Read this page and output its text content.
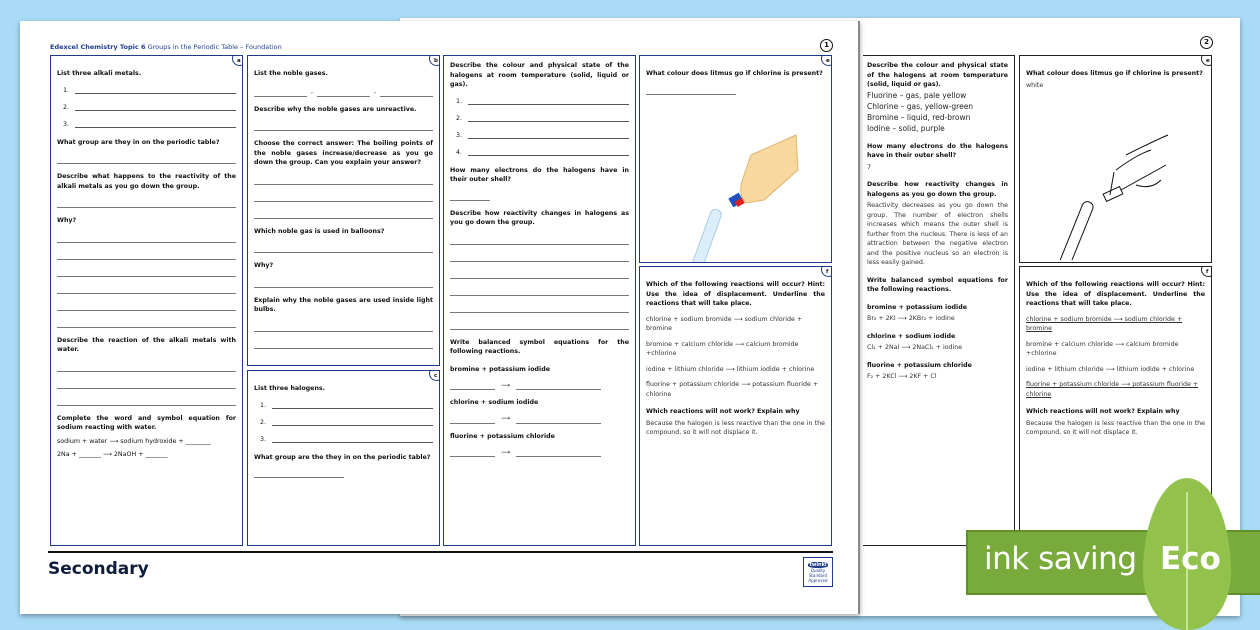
2
Describe the colour and physical state of the halogens at room temperature (solid, liquid or gas).
Fluorine – gas, pale yellow
Chlorine – gas, yellow-green
Bromine – liquid, red-brown
Iodine – solid, purple
How many electrons do the halogens have in their outer shell?
7
Describe how reactivity changes in halogens as you go down the group.
Reactivity decreases as you go down the group. The number of electron shells increases which means the outer shell is further from the nucleus. There is less of an attraction between the negative electron and the positive nucleus so an electron is less easily gained.
Write balanced symbol equations for the following reactions.
bromine + potassium iodide
Br₂ + 2KI ⟶ 2KBr₂ + iodine
chlorine + sodium iodide
Cl₂ + 2NaI ⟶ 2NaCl₂ + iodine
fluorine + potassium chloride
F₂ + 2KCl ⟶ 2KF + Cl
e
What colour does litmus go if chlorine is present?
white
f
Which of the following reactions will occur? Hint: Use the idea of displacement. Underline the reactions that will take place.
chlorine + sodium bromide ⟶ sodium chloride + bromine
bromine + calcium chloride ⟶ calcium bromide +chlorine
iodine + lithium chloride ⟶ lithium iodide + chlorine
fluorine + potassium chloride ⟶ potassium fluoride + chlorine
Which reactions will not work? Explain why
Because the halogen is less reactive than the one in the compound, so it will not displace it.
Edexcel Chemistry Topic 6 Groups in the Periodic Table – Foundation	1
Secondary	twinkl
Quality Standard Approved
a
List three alkali metals.
1.
2.
3.
What group are they in on the periodic table?
Describe what happens to the reactivity of the alkali metals as you go down the group.
Why?
Describe the reaction of the alkali metals with water.
Complete the word and symbol equation for sodium reacting with water.
sodium + water ⟶ sodium hydroxide + ________
2Na + _______ ⟶ 2NaOH + _______
b
List the noble gases.
,	,
Describe why the noble gases are unreactive.
Choose the correct answer: The boiling points of the noble gases increase/decrease as you go down the group. Can you explain your answer?
Which noble gas is used in balloons?
Why?
Explain why the noble gases are used inside light bulbs.
c
List three halogens.
1.
2.
3.
What group are the they in on the periodic table?
Describe the colour and physical state of the halogens at room temperature (solid, liquid or gas).
1.
2.
3.
4.
How many electrons do the halogens have in their outer shell?
Describe how reactivity changes in halogens as you go down the group.
Write balanced symbol equations for the following reactions.
bromine + potassium iodide
⟶
chlorine + sodium iodide
⟶
fluorine + potassium chloride
⟶
e
What colour does litmus go if chlorine is present?
f
Which of the following reactions will occur? Hint: Use the idea of displacement. Underline the reactions that will take place.
chlorine + sodium bromide ⟶ sodium chloride + bromine
bromine + calcium chloride ⟶ calcium bromide +chlorine
iodine + lithium chloride ⟶ lithium iodide + chlorine
fluorine + potassium chloride ⟶ potassium fluoride + chlorine
Which reactions will not work? Explain why
Because the halogen is less reactive than the one in the compound, so it will not displace it.
ink saving Eco
